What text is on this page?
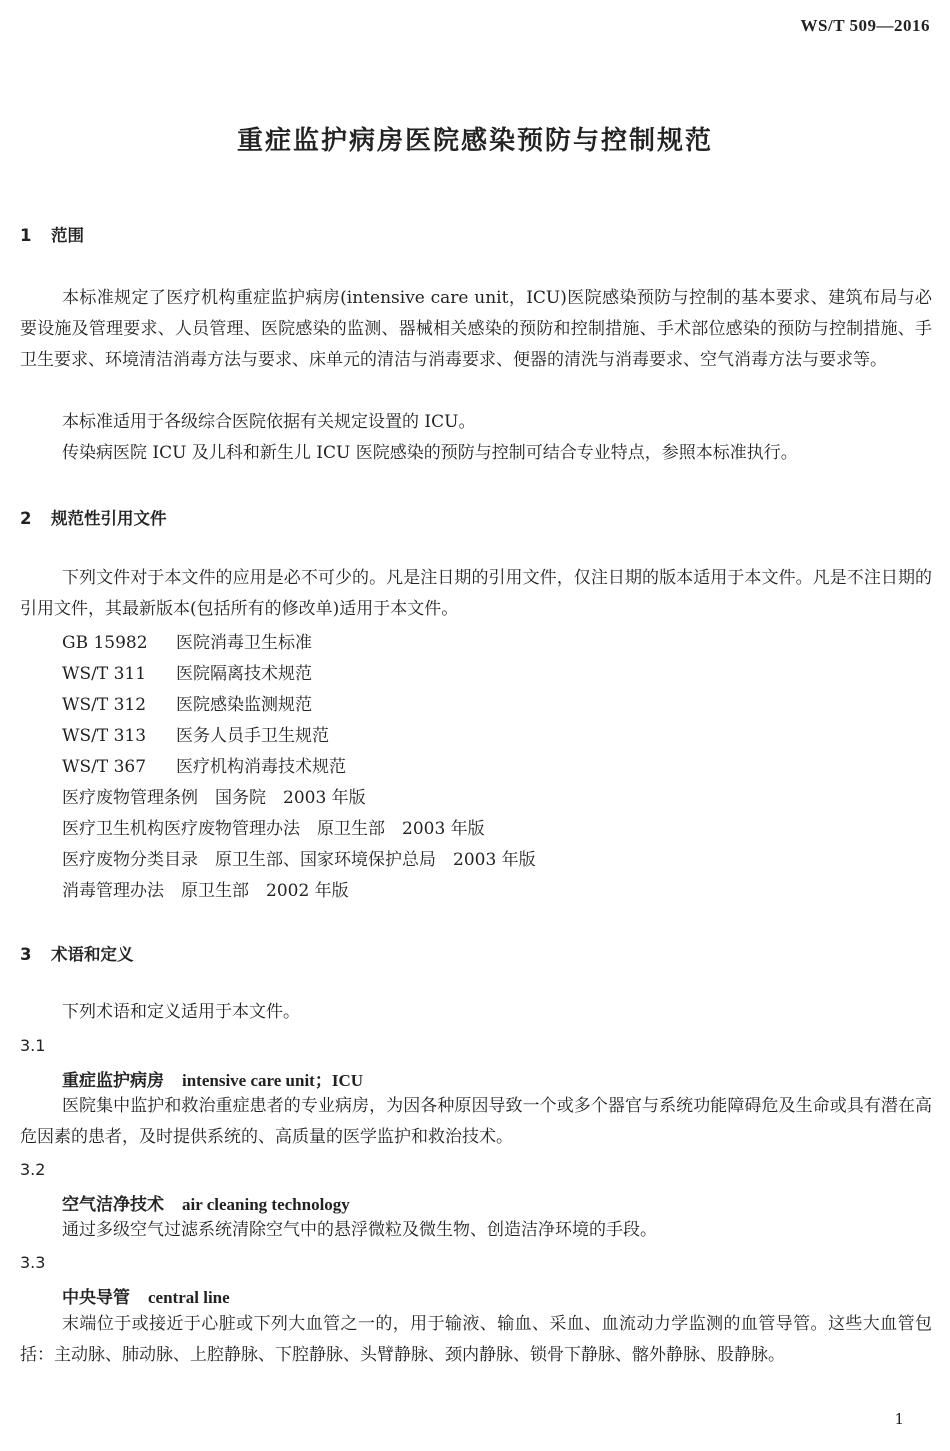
WS/T 509—2016
重症监护病房医院感染预防与控制规范
1 范围
本标准规定了医疗机构重症监护病房(intensive care unit，ICU)医院感染预防与控制的基本要求、建筑布局与必要设施及管理要求、人员管理、医院感染的监测、器械相关感染的预防和控制措施、手术部位感染的预防与控制措施、手卫生要求、环境清洁消毒方法与要求、床单元的清洁与消毒要求、便器的清洗与消毒要求、空气消毒方法与要求等。
本标准适用于各级综合医院依据有关规定设置的 ICU。
传染病医院 ICU 及儿科和新生儿 ICU 医院感染的预防与控制可结合专业特点，参照本标准执行。
2 规范性引用文件
下列文件对于本文件的应用是必不可少的。凡是注日期的引用文件，仅注日期的版本适用于本文件。凡是不注日期的引用文件，其最新版本(包括所有的修改单)适用于本文件。
GB 15982 医院消毒卫生标准
WS/T 311 医院隔离技术规范
WS/T 312 医院感染监测规范
WS/T 313 医务人员手卫生规范
WS/T 367 医疗机构消毒技术规范
医疗废物管理条例　国务院　2003 年版
医疗卫生机构医疗废物管理办法　原卫生部　2003 年版
医疗废物分类目录　原卫生部、国家环境保护总局　2003 年版
消毒管理办法　原卫生部　2002 年版
3 术语和定义
下列术语和定义适用于本文件。
3.1
重症监护病房 intensive care unit；ICU
医院集中监护和救治重症患者的专业病房，为因各种原因导致一个或多个器官与系统功能障碍危及生命或具有潜在高危因素的患者，及时提供系统的、高质量的医学监护和救治技术。
3.2
空气洁净技术 air cleaning technology
通过多级空气过滤系统清除空气中的悬浮微粒及微生物、创造洁净环境的手段。
3.3
中央导管 central line
末端位于或接近于心脏或下列大血管之一的，用于输液、输血、采血、血流动力学监测的血管导管。这些大血管包括：主动脉、肺动脉、上腔静脉、下腔静脉、头臂静脉、颈内静脉、锁骨下静脉、髂外静脉、股静脉。
1
